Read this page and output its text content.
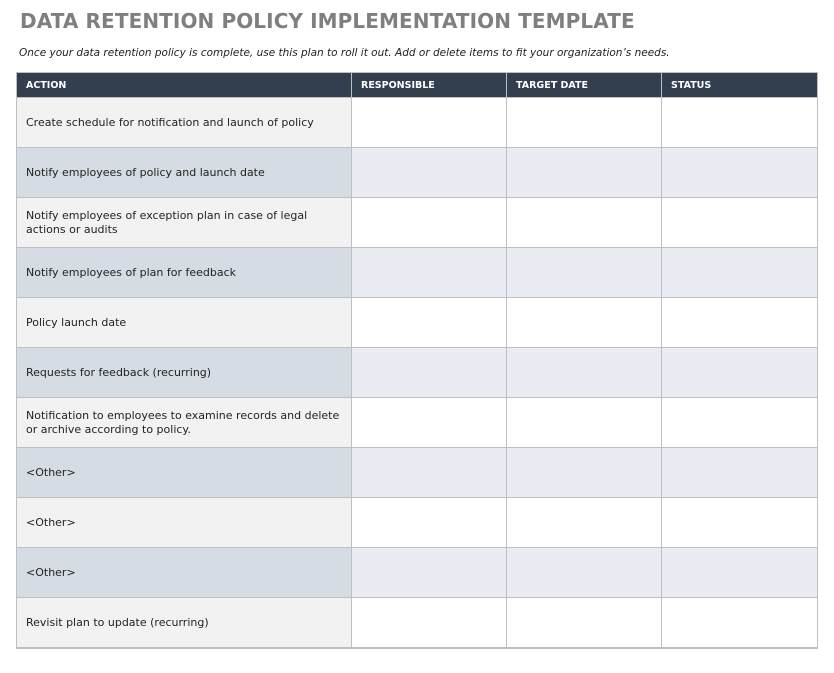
DATA RETENTION POLICY IMPLEMENTATION TEMPLATE
Once your data retention policy is complete, use this plan to roll it out. Add or delete items to fit your organization’s needs.
ACTION	RESPONSIBLE	TARGET DATE	STATUS
Create schedule for notification and launch of policy			
Notify employees of policy and launch date			
Notify employees of exception plan in case of legal actions or audits			
Notify employees of plan for feedback			
Policy launch date			
Requests for feedback (recurring)			
Notification to employees to examine records and delete or archive according to policy.			
<Other>			
<Other>			
<Other>			
Revisit plan to update (recurring)			
